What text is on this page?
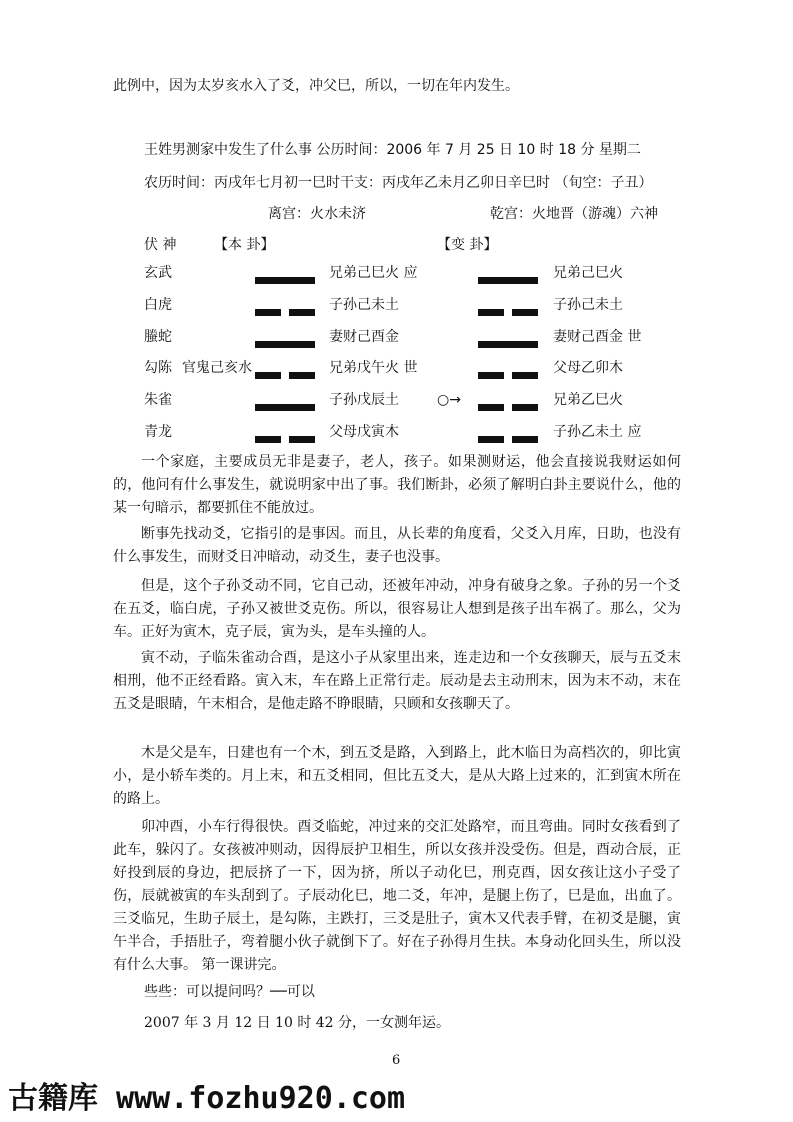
此例中，因为太岁亥水入了爻，冲父巳，所以，一切在年内发生。
王姓男测家中发生了什么事 公历时间：2006 年 7 月 25 日 10 时 18 分 星期二
农历时间：丙戌年七月初一巳时干支：丙戌年乙未月乙卯日辛巳时 （旬空：子丑）
离宫：火水未济	乾宫：火地晋（游魂）六神
伏 神	【本 卦】	【变 卦】
玄武	兄弟己巳火 应	兄弟己巳火
白虎	子孙己未土	子孙己未土
螣蛇	妻财己酉金	妻财己酉金 世
勾陈 官鬼己亥水	兄弟戊午火 世	父母乙卯木
朱雀	子孙戊辰土	○→	兄弟乙巳火
青龙	父母戊寅木	子孙乙未土 应

一个家庭，主要成员无非是妻子，老人，孩子。如果测财运，他会直接说我财运如何的，他问有什么事发生，就说明家中出了事。我们断卦，必须了解明白卦主要说什么，他的某一句暗示，都要抓住不能放过。

断事先找动爻，它指引的是事因。而且，从长辈的角度看，父爻入月库，日助，也没有什么事发生，而财爻日冲暗动，动爻生，妻子也没事。

但是，这个子孙爻动不同，它自己动，还被年冲动，冲身有破身之象。子孙的另一个爻在五爻，临白虎，子孙又被世爻克伤。所以，很容易让人想到是孩子出车祸了。那么，父为车。正好为寅木，克子辰，寅为头，是车头撞的人。

寅不动，子临朱雀动合酉，是这小子从家里出来，连走边和一个女孩聊天，辰与五爻末相刑，他不正经看路。寅入末，车在路上正常行走。辰动是去主动刑末，因为末不动，末在五爻是眼睛，午末相合，是他走路不睁眼睛，只顾和女孩聊天了。

木是父是车，日建也有一个木，到五爻是路，入到路上，此木临日为高档次的，卯比寅小，是小轿车类的。月上末，和五爻相同，但比五爻大，是从大路上过来的，汇到寅木所在的路上。

卯冲酉，小车行得很快。酉爻临蛇，冲过来的交汇处路窄，而且弯曲。同时女孩看到了此车，躲闪了。女孩被冲则动，因得辰护卫相生，所以女孩并没受伤。但是，酉动合辰，正好投到辰的身边，把辰挤了一下，因为挤，所以子动化巳，刑克酉，因女孩让这小子受了伤，辰就被寅的车头刮到了。子辰动化巳，地二爻，年冲，是腿上伤了，巳是血，出血了。三爻临兄，生助子辰土，是勾陈，主跌打，三爻是肚子，寅木又代表手臂，在初爻是腿，寅午半合，手捂肚子，弯着腿小伙子就倒下了。好在子孙得月生扶。本身动化回头生，所以没有什么大事。 第一课讲完。

些些：可以提问吗？──可以
2007 年 3 月 12 日 10 时 42 分，一女测年运。
6
古籍库 www.fozhu920.com
